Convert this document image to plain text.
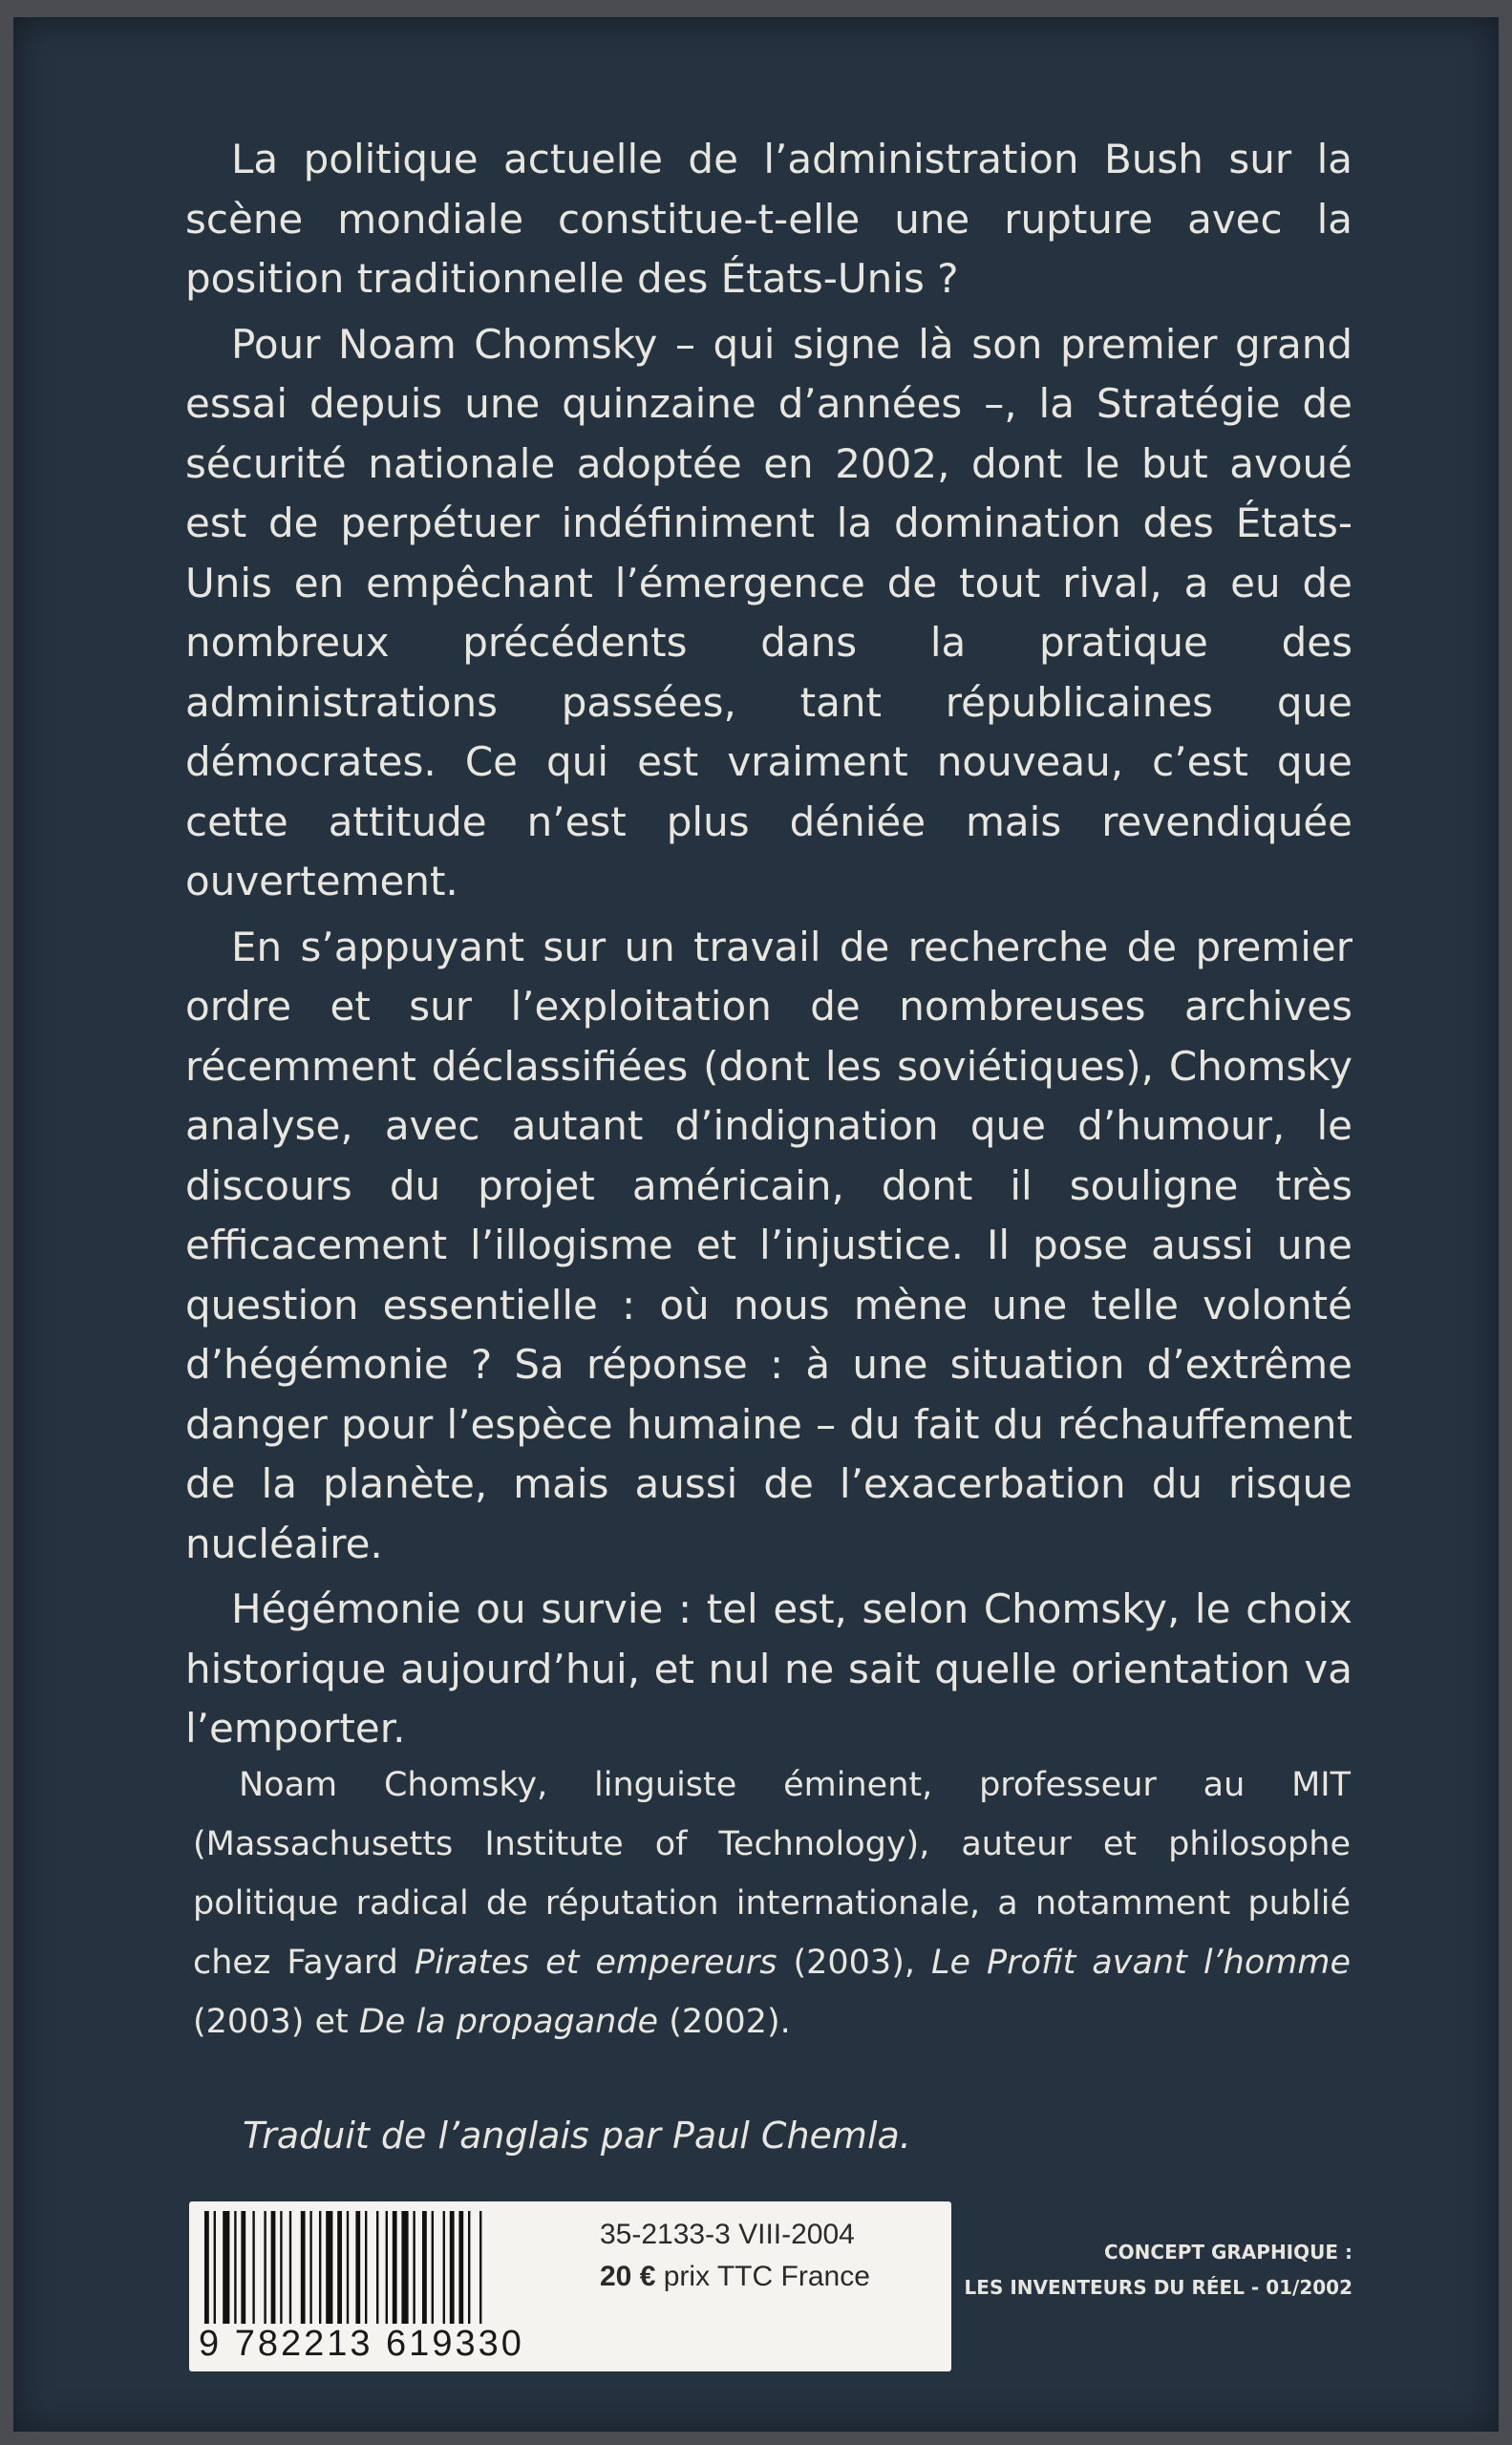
La politique actuelle de l’administration Bush sur la scène mondiale constitue-t-elle une rupture avec la position traditionnelle des États-Unis ?

Pour Noam Chomsky – qui signe là son premier grand essai depuis une quinzaine d’années –, la Stratégie de sécurité nationale adoptée en 2002, dont le but avoué est de perpétuer indéfiniment la domination des États-Unis en empêchant l’émergence de tout rival, a eu de nombreux précédents dans la pratique des administrations passées, tant républicaines que démocrates. Ce qui est vraiment nouveau, c’est que cette attitude n’est plus déniée mais revendiquée ouvertement.

En s’appuyant sur un travail de recherche de premier ordre et sur l’exploitation de nombreuses archives récemment déclassifiées (dont les soviétiques), Chomsky analyse, avec autant d’indignation que d’humour, le discours du projet américain, dont il souligne très efficacement l’illogisme et l’injustice. Il pose aussi une question essentielle : où nous mène une telle volonté d’hégémonie ? Sa réponse : à une situation d’extrême danger pour l’espèce humaine – du fait du réchauffement de la planète, mais aussi de l’exacerbation du risque nucléaire.

Hégémonie ou survie : tel est, selon Chomsky, le choix historique aujourd’hui, et nul ne sait quelle orientation va l’emporter.

Noam Chomsky, linguiste éminent, professeur au MIT (Massachusetts Institute of Technology), auteur et philosophe politique radical de réputation internationale, a notamment publié chez Fayard Pirates et empereurs (2003), Le Profit avant l’homme (2003) et De la propagande (2002).

Traduit de l’anglais par Paul Chemla.
9 782213 619330
35-2133-3 VIII-2004
20 € prix TTC France
CONCEPT GRAPHIQUE :
LES INVENTEURS DU RÉEL - 01/2002
